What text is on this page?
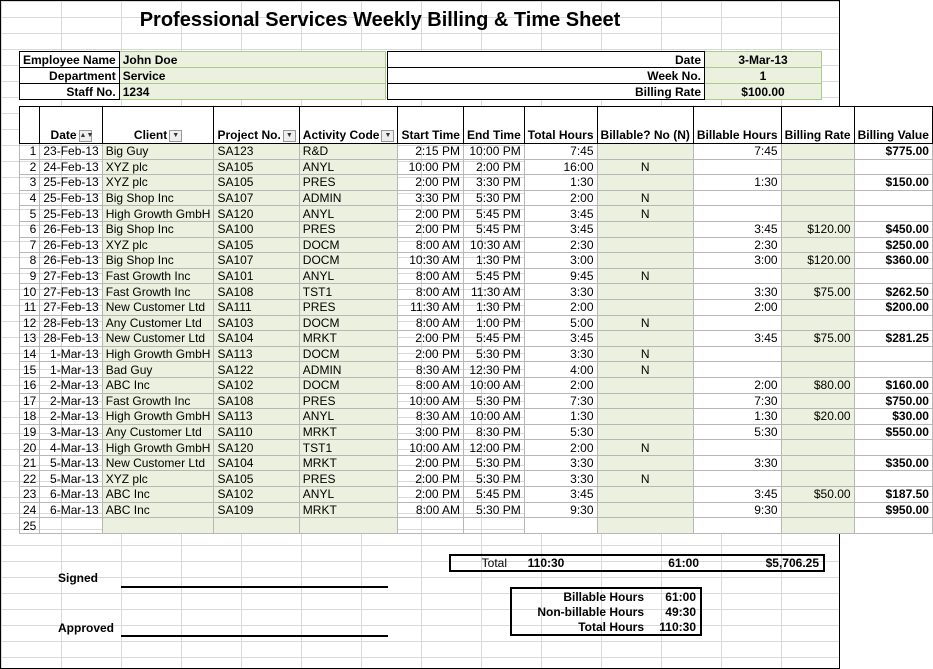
Professional Services Weekly Billing & Time Sheet
Employee Name	John Doe
Department	Service
Staff No.	1234
Date	3-Mar-13
Week No.	1
Billing Rate	$100.00
	Date ▲▼	Client ▼	Project No. ▼	Activity Code ▼	Start Time	End Time	Total Hours	Billable? No (N)	Billable Hours	Billing Rate	Billing Value
1	23-Feb-13	Big Guy	SA123	R&D	2:15 PM	10:00 PM	7:45		7:45		$775.00
2	24-Feb-13	XYZ plc	SA105	ANYL	10:00 PM	2:00 PM	16:00	N			
3	25-Feb-13	XYZ plc	SA105	PRES	2:00 PM	3:30 PM	1:30		1:30		$150.00
4	25-Feb-13	Big Shop Inc	SA107	ADMIN	3:30 PM	5:30 PM	2:00	N			
5	25-Feb-13	High Growth GmbH	SA120	ANYL	2:00 PM	5:45 PM	3:45	N			
6	26-Feb-13	Big Shop Inc	SA100	PRES	2:00 PM	5:45 PM	3:45		3:45	$120.00	$450.00
7	26-Feb-13	XYZ plc	SA105	DOCM	8:00 AM	10:30 AM	2:30		2:30		$250.00
8	26-Feb-13	Big Shop Inc	SA107	DOCM	10:30 AM	1:30 PM	3:00		3:00	$120.00	$360.00
9	27-Feb-13	Fast Growth Inc	SA101	ANYL	8:00 AM	5:45 PM	9:45	N			
10	27-Feb-13	Fast Growth Inc	SA108	TST1	8:00 AM	11:30 AM	3:30		3:30	$75.00	$262.50
11	27-Feb-13	New Customer Ltd	SA111	PRES	11:30 AM	1:30 PM	2:00		2:00		$200.00
12	28-Feb-13	Any Customer Ltd	SA103	DOCM	8:00 AM	1:00 PM	5:00	N			
13	28-Feb-13	New Customer Ltd	SA104	MRKT	2:00 PM	5:45 PM	3:45		3:45	$75.00	$281.25
14	1-Mar-13	High Growth GmbH	SA113	DOCM	2:00 PM	5:30 PM	3:30	N			
15	1-Mar-13	Bad Guy	SA122	ADMIN	8:30 AM	12:30 PM	4:00	N			
16	2-Mar-13	ABC Inc	SA102	DOCM	8:00 AM	10:00 AM	2:00		2:00	$80.00	$160.00
17	2-Mar-13	Fast Growth Inc	SA108	PRES	10:00 AM	5:30 PM	7:30		7:30		$750.00
18	2-Mar-13	High Growth GmbH	SA113	ANYL	8:30 AM	10:00 AM	1:30		1:30	$20.00	$30.00
19	3-Mar-13	Any Customer Ltd	SA110	MRKT	3:00 PM	8:30 PM	5:30		5:30		$550.00
20	4-Mar-13	High Growth GmbH	SA120	TST1	10:00 AM	12:00 PM	2:00	N			
21	5-Mar-13	New Customer Ltd	SA104	MRKT	2:00 PM	5:30 PM	3:30		3:30		$350.00
22	5-Mar-13	XYZ plc	SA105	PRES	2:00 PM	5:30 PM	3:30	N			
23	6-Mar-13	ABC Inc	SA102	ANYL	2:00 PM	5:45 PM	3:45		3:45	$50.00	$187.50
24	6-Mar-13	ABC Inc	SA109	MRKT	8:00 AM	5:30 PM	9:30		9:30		$950.00
25											
Total	110:30		61:00		$5,706.25
Signed
Approved
Billable Hours	61:00
Non-billable Hours	49:30
Total Hours	110:30
